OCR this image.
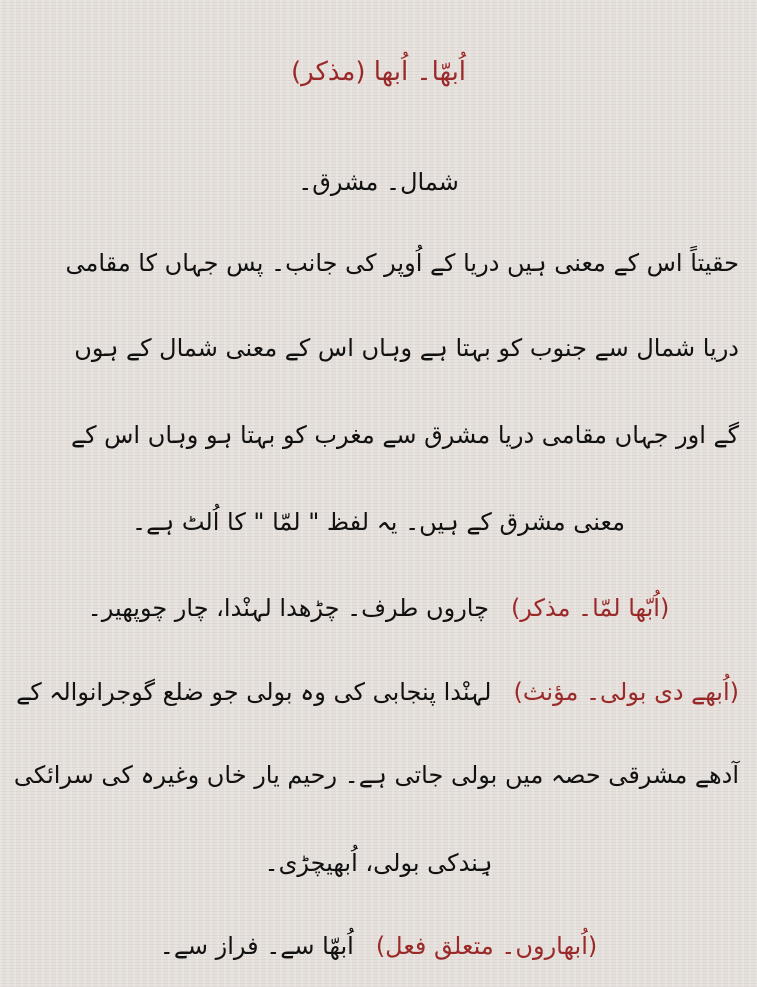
اُبھّا۔ اُبھا (مذکر)
شمال۔ مشرق۔
حقیتاً اس کے معنی ہیں دریا کے اُوپر کی جانب۔ پس جہاں کا مقامی
دریا شمال سے جنوب کو بہتا ہے وہاں اس کے معنی شمال کے ہوں
گے اور جہاں مقامی دریا مشرق سے مغرب کو بہتا ہو وہاں اس کے
معنی مشرق کے ہیں۔ یہ لفظ " لمّا " کا اُلٹ ہے۔
(اُبّھا لمّا۔ مذکر)چاروں طرف۔ چڑھدا لہنْدا، چار چوپھیر۔
(اُبھے دی بولی۔ مؤنث)لہنْدا پنجابی کی وہ بولی جو ضلع گوجرانوالہ کے
آدھے مشرقی حصہ میں بولی جاتی ہے۔ رحیم یار خاں وغیرہ کی سرائکی
ہِندکی بولی، اُبھیچڑی۔
(اُبھاروں۔ متعلق فعل)اُبھّا سے۔ فراز سے۔
